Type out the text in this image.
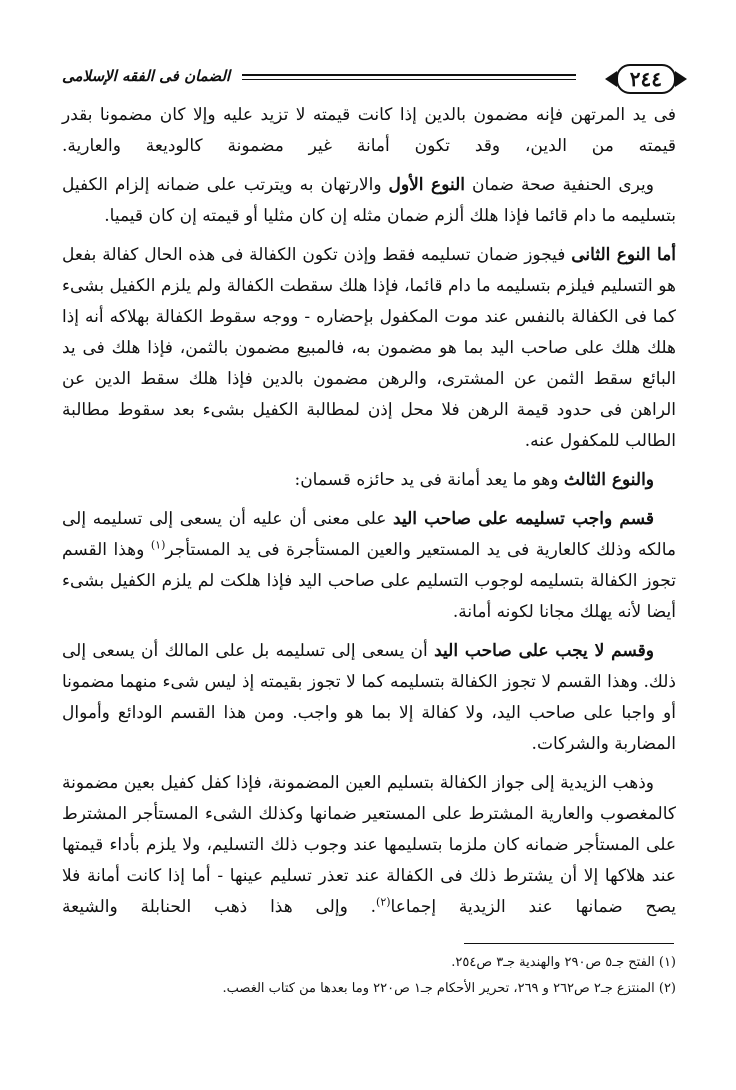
٢٤٤
الضمان فى الفقه الإسلامى

فى يد المرتهن فإنه مضمون بالدين إذا كانت قيمته لا تزيد عليه وإلا كان مضمونا بقدر قيمته من الدين، وقد تكون أمانة غير مضمونة كالوديعة والعارية.

ويرى الحنفية صحة ضمان النوع الأول والارتهان به ويترتب على ضمانه إلزام الكفيل بتسليمه ما دام قائما فإذا هلك ألزم ضمان مثله إن كان مثليا أو قيمته إن كان قيميا.

أما النوع الثانى فيجوز ضمان تسليمه فقط وإذن تكون الكفالة فى هذه الحال كفالة بفعل هو التسليم فيلزم بتسليمه ما دام قائما، فإذا هلك سقطت الكفالة ولم يلزم الكفيل بشىء كما فى الكفالة بالنفس عند موت المكفول بإحضاره - ووجه سقوط الكفالة بهلاكه أنه إذا هلك هلك على صاحب اليد بما هو مضمون به، فالمبيع مضمون بالثمن، فإذا هلك فى يد البائع سقط الثمن عن المشترى، والرهن مضمون بالدين فإذا هلك سقط الدين عن الراهن فى حدود قيمة الرهن فلا محل إذن لمطالبة الكفيل بشىء بعد سقوط مطالبة الطالب للمكفول عنه.

والنوع الثالث وهو ما يعد أمانة فى يد حائزه قسمان:

قسم واجب تسليمه على صاحب اليد على معنى أن عليه أن يسعى إلى تسليمه إلى مالكه وذلك كالعارية فى يد المستعير والعين المستأجرة فى يد المستأجر$^{(١)}$ وهذا القسم تجوز الكفالة بتسليمه لوجوب التسليم على صاحب اليد فإذا هلكت لم يلزم الكفيل بشىء أيضا لأنه يهلك مجانا لكونه أمانة.

وقسم لا يجب على صاحب اليد أن يسعى إلى تسليمه بل على المالك أن يسعى إلى ذلك. وهذا القسم لا تجوز الكفالة بتسليمه كما لا تجوز بقيمته إذ ليس شىء منهما مضمونا أو واجبا على صاحب اليد، ولا كفالة إلا بما هو واجب. ومن هذا القسم الودائع وأموال المضاربة والشركات.

وذهب الزيدية إلى جواز الكفالة بتسليم العين المضمونة، فإذا كفل كفيل بعين مضمونة كالمغصوب والعارية المشترط على المستعير ضمانها وكذلك الشىء المستأجر المشترط على المستأجر ضمانه كان ملزما بتسليمها عند وجوب ذلك التسليم، ولا يلزم بأداء قيمتها عند هلاكها إلا أن يشترط ذلك فى الكفالة عند تعذر تسليم عينها - أما إذا كانت أمانة فلا يصح ضمانها عند الزيدية إجماعا$^{(٢)}$. وإلى هذا ذهب الحنابلة والشيعة

(١) الفتح جـ٥ ص٢٩٠ والهندية جـ٣ ص٢٥٤.

(٢) المنتزع جـ٢ ص٢٦٢ و ٢٦٩، تحرير الأحكام جـ١ ص٢٢٠ وما بعدها من كتاب الغصب.
